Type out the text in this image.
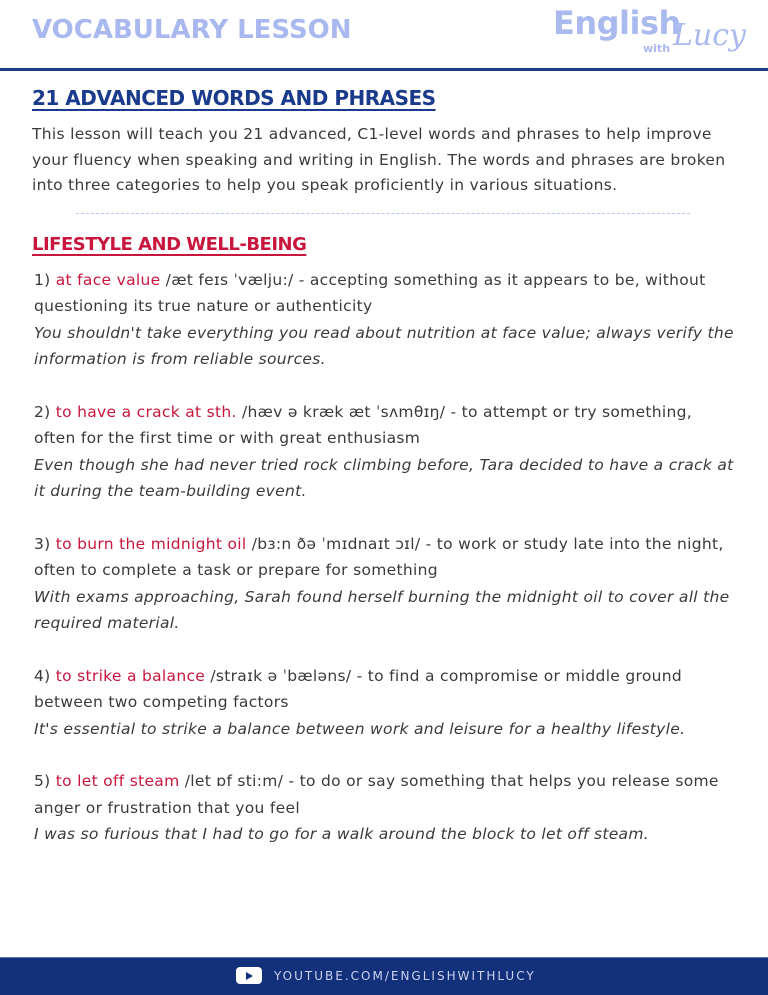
VOCABULARY LESSON	English
with Lucy
21 ADVANCED WORDS AND PHRASES
This lesson will teach you 21 advanced, C1-level words and phrases to help improve your fluency when speaking and writing in English. The words and phrases are broken into three categories to help you speak proficiently in various situations.
LIFESTYLE AND WELL-BEING
1) at face value /æt feɪs ˈvælju:/ - accepting something as it appears to be, without questioning its true nature or authenticity
You shouldn't take everything you read about nutrition at face value; always verify the information is from reliable sources.
2) to have a crack at sth. /hæv ə kræk æt ˈsʌmθɪŋ/ - to attempt or try something, often for the first time or with great enthusiasm
Even though she had never tried rock climbing before, Tara decided to have a crack at it during the team-building event.
3) to burn the midnight oil /bɜ:n ðə ˈmɪdnaɪt ɔɪl/ - to work or study late into the night, often to complete a task or prepare for something
With exams approaching, Sarah found herself burning the midnight oil to cover all the required material.
4) to strike a balance /straɪk ə ˈbæləns/ - to find a compromise or middle ground between two competing factors
It's essential to strike a balance between work and leisure for a healthy lifestyle.
5) to let off steam /let ɒf sti:m/ - to do or say something that helps you release some anger or frustration that you feel
I was so furious that I had to go for a walk around the block to let off steam.
YOUTUBE.COM/ENGLISHWITHLUCY
